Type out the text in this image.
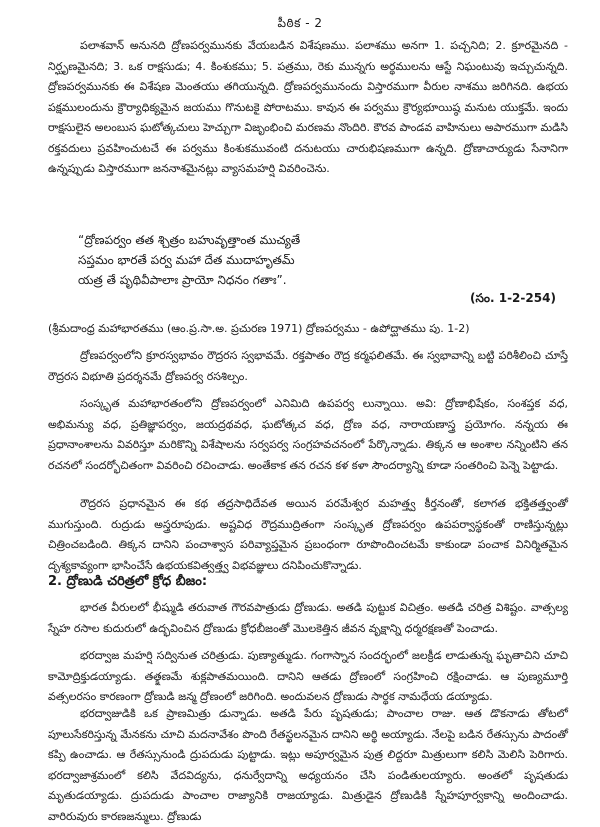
పీఠిక - 2
పలాశవాన్ అనునది ద్రోణపర్వమునకు వేయబడిన విశేషణము. పలాశము అనగా 1. పచ్చనిది; 2. క్రూరమైనది - నిర్ఘృణమైనది; 3. ఒక రాక్షసుడు; 4. కింశుకము; 5. పత్రము, రెకు మున్నగు అర్థములను ఆస్టే నిఘంటువు ఇచ్చుచున్నది. ద్రోణపర్వమునకు ఈ విశేషణ మెంతయు తగియున్నది. ద్రోణపర్వమునందు విస్తారముగా వీరుల నాశము జరిగినది. ఉభయ పక్షములందును క్రౌర్యాధిక్యమైన జయము గొనుటకై పోరాటము. కావున ఈ పర్వము క్రౌర్యభూయిష్ఠ మనుట యుక్తమే. ఇందు రాక్షసులైన అలంబుస ఘటోత్కచులు హెచ్చుగా విజృంభించి మరణమ నొందిరి. కౌరవ పాండవ వాహినులు అపారముగా మడిసి రక్తవదులు ప్రవహించుటచే ఈ పర్వము కింశుకమువంటి దనుటయు చారుభిషణముగా ఉన్నది. ద్రోణాచార్యుడు సేనానిగా ఉన్నప్పుడు విస్తారముగా జననాశమైనట్లు వ్యాసమహర్షి వివరించెను.
“ద్రోణపర్వం తత శ్చిత్రం బహువృత్తాంత ముచ్యతే
సప్తమం భారతే పర్వ మహా దేత ముదాహృతమ్
యత్ర తే పృథివీపాలాః ప్రాయో నిధనం గతాః”.
(సం. 1-2-254)
(శ్రీమదాంధ్ర మహాభారతము (ఆం.ప్ర.సా.అ. ప్రచురణ 1971) ద్రోణపర్వము - ఉపోద్ఘాతము పు. 1-2)
ద్రోణపర్వంలోని క్రూరస్వభావం రౌద్రరస స్వభావమే. రక్తపాతం రౌద్ర కర్మఫలితమే. ఈ స్వభావాన్ని బట్టి పరిశీలించి చూస్తే రౌద్రరస విభూతి ప్రదర్శనమే ద్రోణపర్వ రసశిల్పం.
సంస్కృత మహాభారతంలోని ద్రోణపర్వంలో ఎనిమిది ఉపపర్వ లున్నాయి. అవి: ద్రోణాభిషేకం, సంశప్తక వధ, అభిమన్యు వధ, ప్రతిజ్ఞాపర్వం, జయద్రథవధ, ఘటోత్కచ వధ, ద్రోణ వధ, నారాయణాస్త్ర ప్రయోగం. నన్నయ ఈ ప్రధానాంశాలను వివరిస్తూ మరికొన్ని విశేషాలను సర్వపర్వ సంగ్రహవచనంలో పేర్కొన్నాడు. తిక్కన ఆ అంశాల నన్నింటిని తన రచనలో సందర్భోచితంగా వివరించి రచించాడు. అంతేకాక తన రచన కళ కళా సౌందర్యాన్ని కూడా సంతరించి పెన్నె పెట్టాడు.
రౌద్రరస ప్రధానమైన ఈ కథ తద్రసాధిదేవత అయిన పరమేశ్వర మహత్త్వ కీర్తనంతో, కలాగత భక్తితత్త్వంతో ముగుస్తుంది. రుద్రుడు అస్త్రరూపుడు. అష్టవిధ రౌద్రముద్రితంగా సంస్కృత ద్రోణపర్వం ఉపపర్వాస్థకంతో రాణిస్తున్నట్లు చిత్రించబడింది. తిక్కన దానిని పంచాశ్వాస పరివ్యాప్తమైన ప్రబంధంగా రూపొందించటమే కాకుండా పంచాక వినిర్మితమైన దృశ్యకావ్యంగా భాసించేసే ఉభయకవిత్వత్త్వ విభవజ్ఞులు దనిపించుకొన్నాడు.
2. ద్రోణుడి చరిత్రలో క్రోధ బీజం:
భారత వీరులలో భీష్ముడి తరువాత గౌరవపాత్రుడు ద్రోణుడు. అతడి పుట్టుక విచిత్రం. అతడి చరిత్ర విశిష్టం. వాత్సల్య స్నేహ రసాల కుదురులో ఉద్భవించిన ద్రోణుడు క్రోధబీజంతో మొలకెత్తిన జీవన వృక్షాన్ని ధర్మరక్షణతో పెంచాడు.
భరద్వాజ మహర్షి సద్వినుత చరిత్రుడు. పుణ్యాత్ముడు. గంగాస్నాన సందర్భంలో జలక్రీడ లాడుతున్న ఘృతాచిని చూచి కామోద్రిక్తుడయ్యాడు. తత్క్షణమే శుక్లపాతమయింది. దానిని ఆతడు ద్రోణంలో సంగ్రహించి రక్షించాడు. ఆ పుణ్యమూర్తి వత్సలరసం కారణంగా ద్రోణుడి జన్మ ద్రోణంలో జరిగింది. అందువలన ద్రోణుడు సార్థక నామధేయ డయ్యాడు.
భరద్వాజుడికి ఒక ప్రాణమిత్రు డున్నాడు. అతడి పేరు పృషతుడు; పాంచాల రాజు. ఆత డొకనాడు తోటలో పూలుసేకరిస్తున్న మేనకను చూచి మదనావేశం పొంది రేతస్ఖలనమైన దానిని అర్థి అయ్యాడు. నేలపై బడిన రేతస్సును పాదంతో కప్పి ఉంచాడు. ఆ రేతస్సునుండి ద్రుపదుడు పుట్టాడు. ఇట్లు అపూర్వమైన పుత్ర లిద్దరూ మిత్రులుగా కలిసి మెలిసి పెరిగారు. భరద్వాజాశ్రమంలో కలిసి వేదవిద్యను, ధనుర్వేదాన్ని అధ్యయనం చేసి పండితులయ్యారు. అంతలో పృషతుడు మృతుడయ్యాడు. ద్రుపదుడు పాంచాల రాజ్యానికి రాజయ్యాడు. మిత్రుడైన ద్రోణుడికి స్నేహపూర్వకాన్ని అందించాడు. వారిరువురు కారణజన్ములు. ద్రోణుడు
